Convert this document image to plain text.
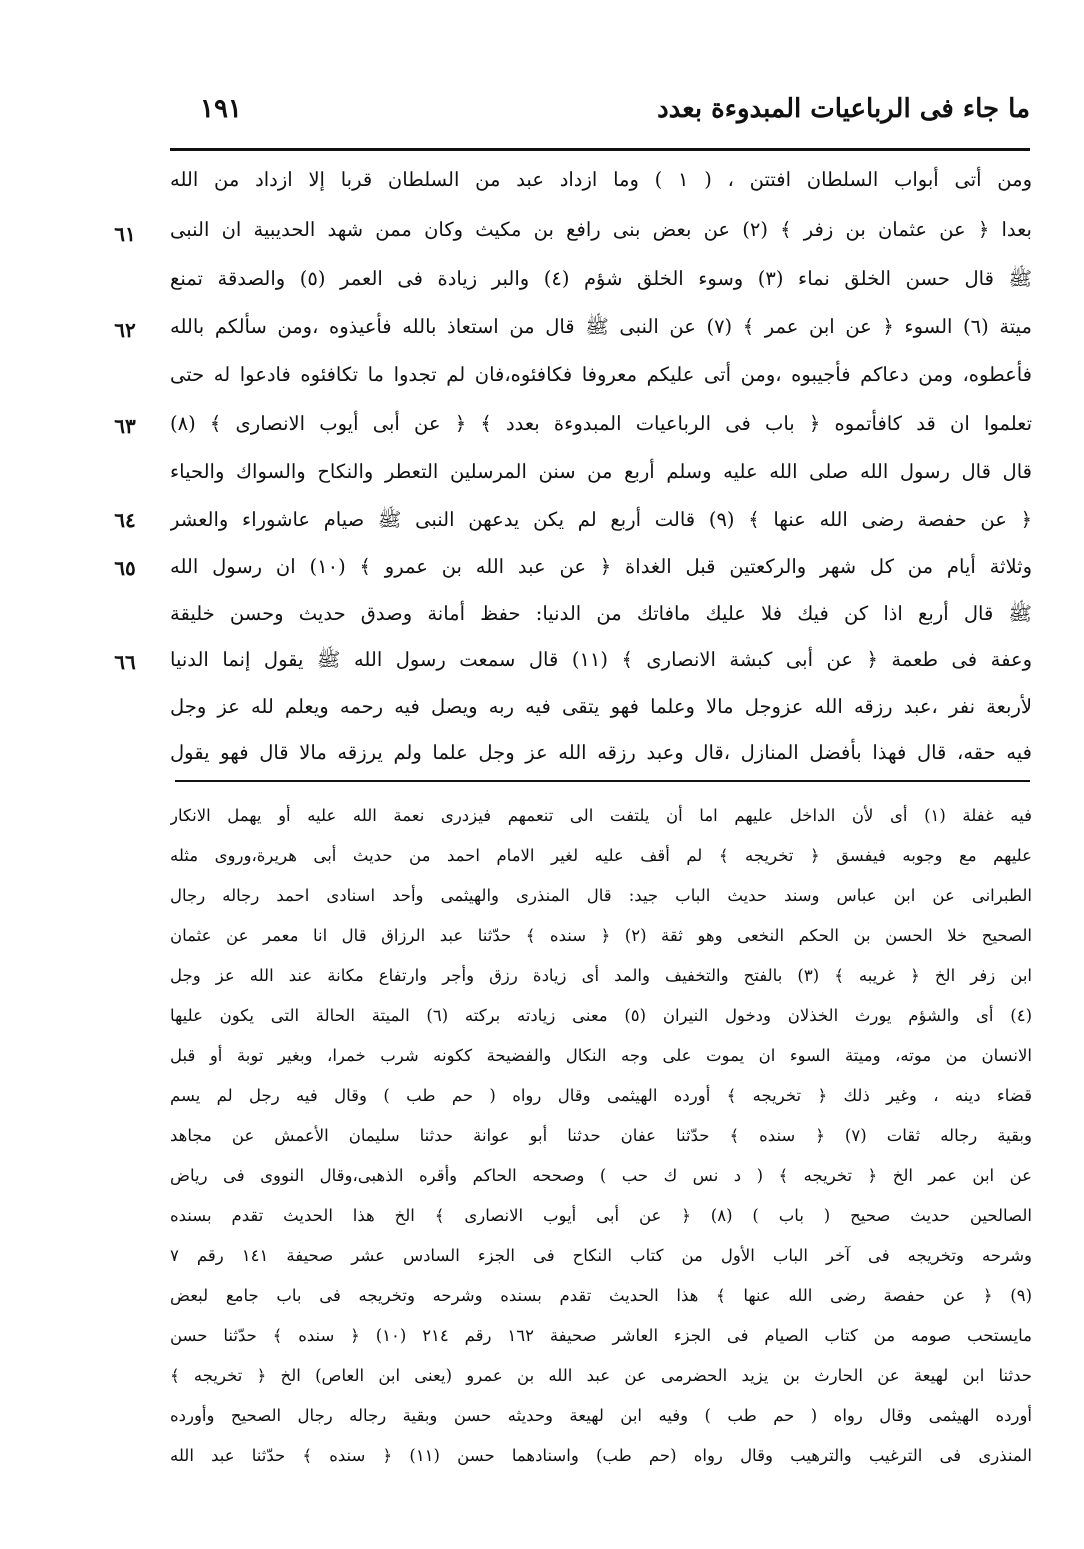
ما جاء فى الرباعيات المبدوءة بعدد
١٩١
ومن أتى أبواب السلطان افتتن ، ( ١ ) وما ازداد عبد من السلطان قربا إلا ازداد من الله
بعدا ﴿ عن عثمان بن زفر ﴾ (٢) عن بعض بنى رافع بن مكيث وكان ممن شهد الحديبية ان النبى
ﷺ قال حسن الخلق نماء (٣) وسوء الخلق شؤم (٤) والبر زيادة فى العمر (٥) والصدقة تمنع
ميتة (٦) السوء ﴿ عن ابن عمر ﴾ (٧) عن النبى ﷺ قال من استعاذ بالله فأعيذوه ،ومن سألكم بالله
فأعطوه، ومن دعاكم فأجيبوه ،ومن أتى عليكم معروفا فكافئوه،فان لم تجدوا ما تكافئوه فادعوا له حتى
تعلموا ان قد كافأتموه ﴿ باب فى الرباعيات المبدوءة بعدد ﴾ ﴿ عن أبى أيوب الانصارى ﴾ (٨)
قال قال رسول الله صلى الله عليه وسلم أربع من سنن المرسلين التعطر والنكاح والسواك والحياء
﴿ عن حفصة رضى الله عنها ﴾ (٩) قالت أربع لم يكن يدعهن النبى ﷺ صيام عاشوراء والعشر
وثلاثة أيام من كل شهر والركعتين قبل الغداة ﴿ عن عبد الله بن عمرو ﴾ (١٠) ان رسول الله
ﷺ قال أربع اذا كن فيك فلا عليك مافاتك من الدنيا: حفظ أمانة وصدق حديث وحسن خليقة
وعفة فى طعمة ﴿ عن أبى كبشة الانصارى ﴾ (١١) قال سمعت رسول الله ﷺ يقول إنما الدنيا
لأربعة نفر ،عبد رزقه الله عزوجل مالا وعلما فهو يتقى فيه ربه ويصل فيه رحمه ويعلم لله عز وجل
فيه حقه، قال فهذا بأفضل المنازل ،قال وعبد رزقه الله عز وجل علما ولم يرزقه مالا قال فهو يقول
٦١
٦٢
٦٣
٦٤
٦٥
٦٦
فيه غفلة (١) أى لأن الداخل عليهم اما أن يلتفت الى تنعمهم فيزدرى نعمة الله عليه أو يهمل الانكار
عليهم مع وجوبه فيفسق ﴿ تخريجه ﴾ لم أقف عليه لغير الامام احمد من حديث أبى هريرة،وروى مثله
الطبرانى عن ابن عباس وسند حديث الباب جيد: قال المنذرى والهيثمى وأحد اسنادى احمد رجاله رجال
الصحيح خلا الحسن بن الحكم النخعى وهو ثقة (٢) ﴿ سنده ﴾ حدّثنا عبد الرزاق قال انا معمر عن عثمان
ابن زفر الخ ﴿ غريبه ﴾ (٣) بالفتح والتخفيف والمد أى زيادة رزق وأجر وارتفاع مكانة عند الله عز وجل
(٤) أى والشؤم يورث الخذلان ودخول النيران (٥) معنى زيادته بركته (٦) الميتة الحالة التى يكون عليها
الانسان من موته، وميتة السوء ان يموت على وجه النكال والفضيحة ككونه شرب خمرا، وبغير توبة أو قبل
قضاء دينه ، وغير ذلك ﴿ تخريجه ﴾ أورده الهيثمى وقال رواه ( حم طب ) وقال فيه رجل لم يسم
وبقية رجاله ثقات (٧) ﴿ سنده ﴾ حدّثنا عفان حدثنا أبو عوانة حدثنا سليمان الأعمش عن مجاهد
عن ابن عمر الخ ﴿ تخريجه ﴾ ( د نس ك حب ) وصححه الحاكم وأقره الذهبى،وقال النووى فى رياض
الصالحين حديث صحيح ( باب ) (٨) ﴿ عن أبى أيوب الانصارى ﴾ الخ هذا الحديث تقدم بسنده
وشرحه وتخريجه فى آخر الباب الأول من كتاب النكاح فى الجزء السادس عشر صحيفة ١٤١ رقم ٧
(٩) ﴿ عن حفصة رضى الله عنها ﴾ هذا الحديث تقدم بسنده وشرحه وتخريجه فى باب جامع لبعض
مايستحب صومه من كتاب الصيام فى الجزء العاشر صحيفة ١٦٢ رقم ٢١٤ (١٠) ﴿ سنده ﴾ حدّثنا حسن
حدثنا ابن لهيعة عن الحارث بن يزيد الحضرمى عن عبد الله بن عمرو (يعنى ابن العاص) الخ ﴿ تخريجه ﴾
أورده الهيثمى وقال رواه ( حم طب ) وفيه ابن لهيعة وحديثه حسن وبقية رجاله رجال الصحيح وأورده
المنذرى فى الترغيب والترهيب وقال رواه (حم طب) واسنادهما حسن (١١) ﴿ سنده ﴾ حدّثنا عبد الله
